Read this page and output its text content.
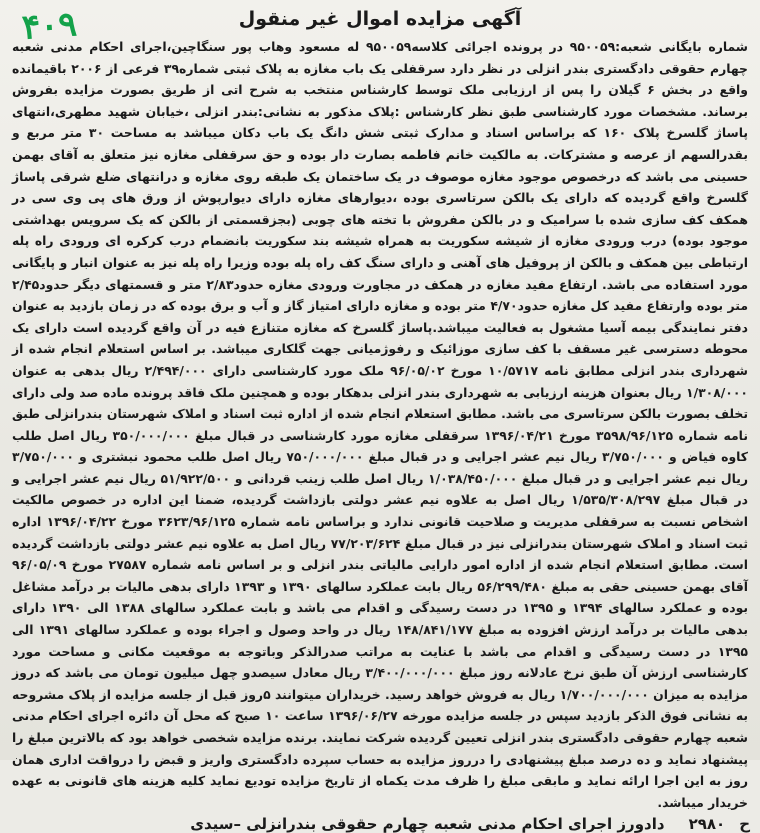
۴۰۹	آگهی مزایده اموال غیر منقول

شماره بایگانی شعبه:۹۵۰۰۵۹ در پرونده اجرائی کلاسه۹۵۰۰۵۹ له مسعود وهاب پور سنگاچین،اجرای احکام مدنی شعبه چهارم حقوقی دادگستری بندر انزلی در نظر دارد سرقفلی یک باب مغازه به پلاک ثبتی شماره۳۹ فرعی از ۲۰۰۶ باقیمانده واقع در بخش ۶ گیلان را پس از ارزیابی ملک توسط کارشناس منتخب به شرح اتی از طریق بصورت مزایده بفروش برساند. مشخصات مورد کارشناسی طبق نظر کارشناس :پلاک مذکور به نشانی:بندر انزلی ،خیابان شهید مطهری،انتهای پاساژ گلسرخ پلاک ۱۶۰ که براساس اسناد و مدارک ثبتی شش دانگ یک باب دکان میباشد به مساحت ۳۰ متر مربع و بقدرالسهم از عرصه و مشترکات. به مالکیت خانم فاطمه بصارت دار بوده و حق سرقفلی مغازه نیز متعلق به آقای بهمن حسینی می باشد که درخصوص موجود مغازه موصوف در یک ساختمان یک طبقه روی مغازه و درانتهای ضلع شرقی پاساژ گلسرخ واقع گردیده که دارای یک بالکن سرتاسری بوده ،دیوارهای مغازه دارای دیوارپوش از ورق های پی وی سی در همکف کف سازی شده با سرامیک و در بالکن مفروش با تخته های چوبی (بجزقسمتی از بالکن که یک سرویس بهداشتی موجود بوده) درب ورودی مغازه از شیشه سکوریت به همراه شیشه بند سکوریت بانضمام درب کرکره ای ورودی راه پله ارتباطی بین همکف و بالکن از پروفیل های آهنی و دارای سنگ کف راه پله بوده وزیرا راه پله نیز به عنوان انبار و پایگانی مورد استفاده می باشد. ارتفاع مفید مغازه در همکف در مجاورت ورودی مغازه حدود۲/۸۳ متر و قسمتهای دیگر حدود۲/۴۵ متر بوده وارتفاع مفید کل مغازه حدود۴/۷۰ متر بوده و مغازه دارای امتیاز گاز و آب و برق بوده که در زمان بازدید به عنوان دفتر نمایندگی بیمه آسیا مشغول به فعالیت میباشد.پاساژ گلسرخ که مغازه متنازع فیه در آن واقع گردیده است دارای یک محوطه دسترسی غیر مسقف با کف سازی موزائیک و رفوژمیانی جهت گلکاری میباشد. بر اساس استعلام انجام شده از شهرداری بندر انزلی مطابق نامه ۱۰/۵۷۱۷ مورخ ۹۶/۰۵/۰۲ ملک مورد کارشناسی دارای ۲/۴۹۴/۰۰۰ ریال بدهی به عنوان ۱/۳۰۸/۰۰۰ ریال بعنوان هزینه ارزیابی به شهرداری بندر انزلی بدهکار بوده و همچنین ملک فاقد پرونده ماده صد ولی دارای تخلف بصورت بالکن سرتاسری می باشد. مطابق استعلام انجام شده از اداره ثبت اسناد و املاک شهرستان بندرانزلی طبق نامه شماره ۳۵۹۸/۹۶/۱۲۵ مورخ ۱۳۹۶/۰۴/۲۱ سرقفلی مغازه مورد کارشناسی در قبال مبلغ ۳۵۰/۰۰۰/۰۰۰ ریال اصل طلب کاوه فیاض و ۳/۷۵۰/۰۰۰ ریال نیم عشر اجرایی و در قبال مبلغ ۷۵۰/۰۰۰/۰۰۰ ریال اصل طلب محمود نبشتری و ۳/۷۵۰/۰۰۰ ریال نیم عشر اجرایی و در قبال مبلغ ۱/۰۳۸/۴۵۰/۰۰۰ ریال اصل طلب زینب قردانی و ۵۱/۹۲۲/۵۰۰ ریال نیم عشر اجرایی و در قبال مبلغ ۱/۵۳۵/۳۰۸/۲۹۷ ریال اصل به علاوه نیم عشر دولتی بازداشت گردیده، ضمنا این اداره در خصوص مالکیت اشخاص نسبت به سرقفلی مدیریت و صلاحیت قانونی ندارد و براساس نامه شماره ۳۶۲۳/۹۶/۱۲۵ مورخ ۱۳۹۶/۰۴/۲۲ اداره ثبت اسناد و املاک شهرستان بندرانزلی نیز در قبال مبلغ ۷۷/۲۰۳/۶۲۴ ریال اصل به علاوه نیم عشر دولتی بازداشت گردیده است. مطابق استعلام انجام شده از اداره امور دارایی مالیاتی بندر انزلی و بر اساس نامه شماره ۲۷۵۸۷ مورخ ۹۶/۰۵/۰۹ آقای بهمن حسینی حقی به مبلغ ۵۶/۲۹۹/۴۸۰ ریال بابت عملکرد سالهای ۱۳۹۰ و ۱۳۹۳ دارای بدهی مالیات بر درآمد مشاغل بوده و عملکرد سالهای ۱۳۹۴ و ۱۳۹۵ در دست رسیدگی و اقدام می باشد و بابت عملکرد سالهای ۱۳۸۸ الی ۱۳۹۰ دارای بدهی مالیات بر درآمد ارزش افزوده به مبلغ ۱۴۸/۸۴۱/۱۷۷ ریال در واحد وصول و اجراء بوده و عملکرد سالهای ۱۳۹۱ الی ۱۳۹۵ در دست رسیدگی و اقدام می باشد با عنایت به مراتب صدرالذکر وباتوجه به موقعیت مکانی و مساحت مورد کارشناسی ارزش آن طبق نرخ عادلانه روز مبلغ ۳/۴۰۰/۰۰۰/۰۰۰ ریال معادل سیصدو چهل میلیون تومان می باشد که دروز مزایده به میزان ۱/۷۰۰/۰۰۰/۰۰۰ ریال به فروش خواهد رسید. خریداران میتوانند ۵روز قبل از جلسه مزایده از پلاک مشروحه به نشانی فوق الذکر بازدید سپس در جلسه مزایده مورخه ۱۳۹۶/۰۶/۲۷ ساعت ۱۰ صبح که محل آن دائره اجرای احکام مدنی شعبه چهارم حقوقی دادگستری بندر انزلی تعیین گردیده شرکت نمایند. برنده مزایده شخصی خواهد بود که بالاترین مبلغ را پیشنهاد نماید و ده درصد مبلغ پیشنهادی را درروز مزایده به حساب سپرده دادگستری واریز و قبض را درواقت اداری همان روز به این اجرا ارائه نماید و مابقی مبلغ را ظرف مدت یکماه از تاریخ مزایده تودیع نماید کلیه هزینه های قانونی به عهده خریدار میباشد.

ح
۲۹۸۰
دادورز اجرای احکام مدنی شعبه چهارم حقوقی بندرانزلی –سیدی
